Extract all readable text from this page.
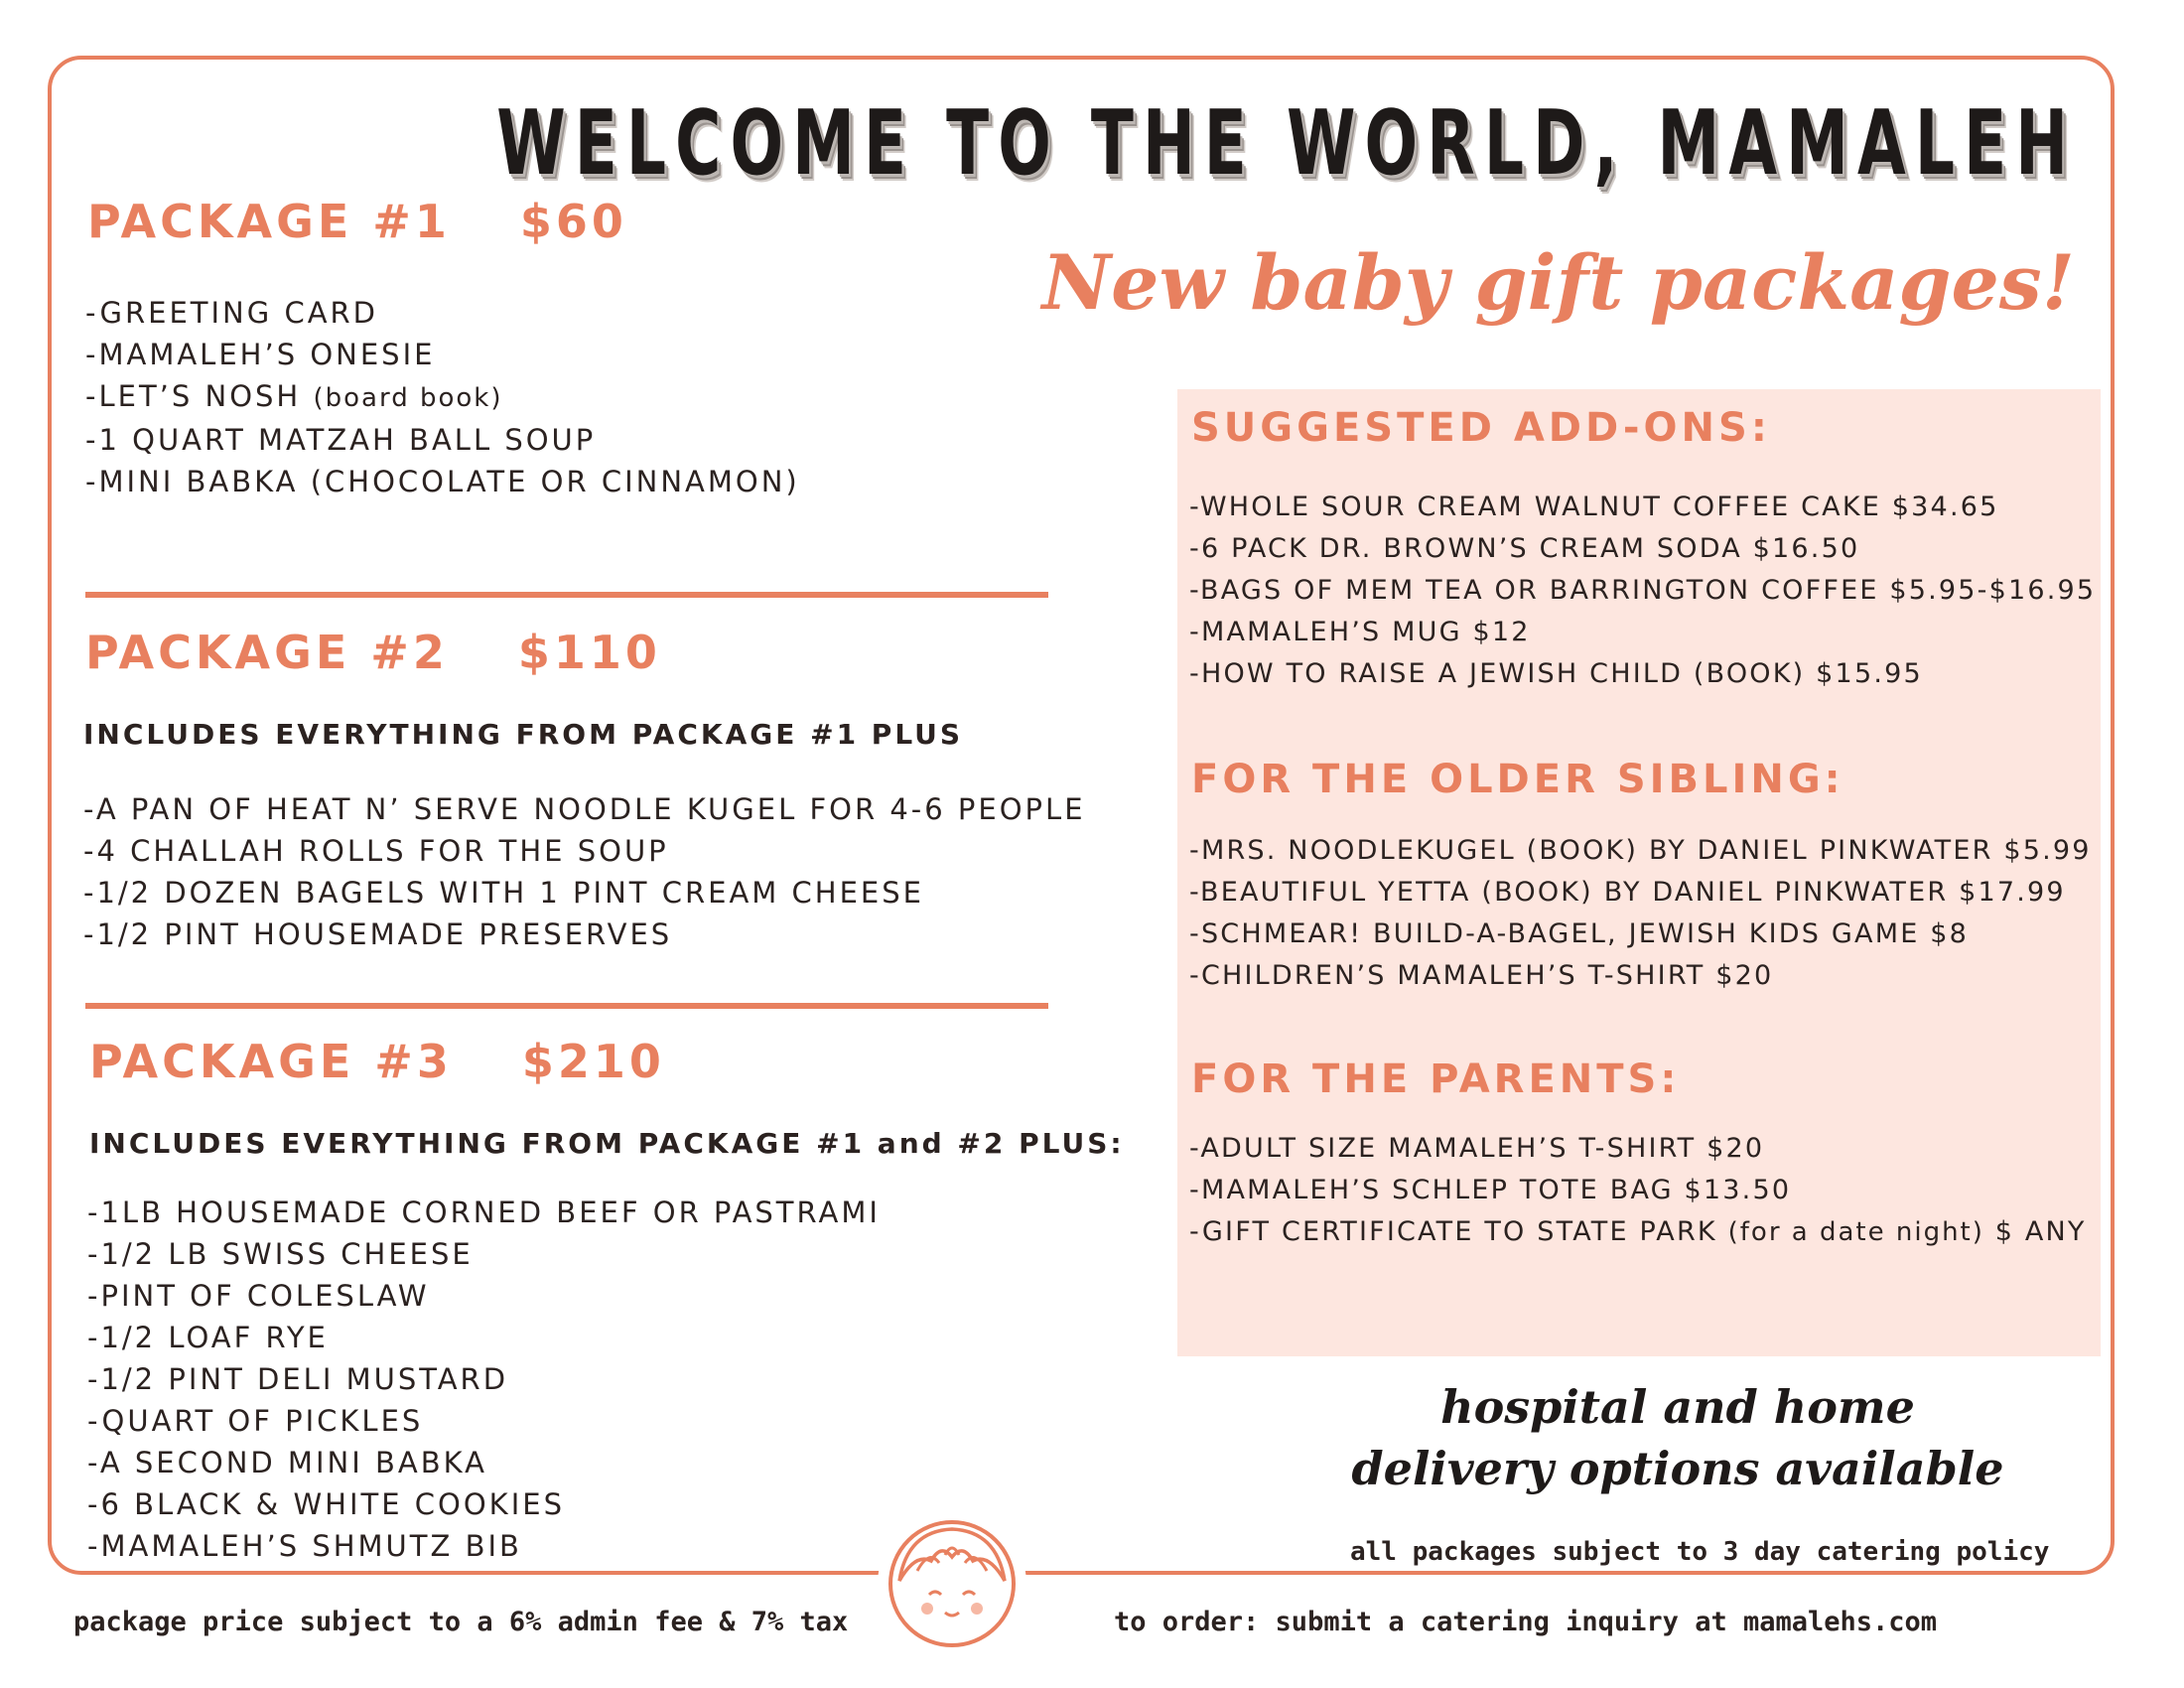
WELCOME TO THE WORLD, MAMALEH
New baby gift packages!
PACKAGE #1 $60
-GREETING CARD
-MAMALEH’S ONESIE
-LET’S NOSH (board book)
-1 QUART MATZAH BALL SOUP
-MINI BABKA (CHOCOLATE OR CINNAMON)
PACKAGE #2 $110

INCLUDES EVERYTHING FROM PACKAGE #1 PLUS

-A PAN OF HEAT N’ SERVE NOODLE KUGEL FOR 4-6 PEOPLE
-4 CHALLAH ROLLS FOR THE SOUP
-1/2 DOZEN BAGELS WITH 1 PINT CREAM CHEESE
-1/2 PINT HOUSEMADE PRESERVES
PACKAGE #3 $210

INCLUDES EVERYTHING FROM PACKAGE #1 and #2 PLUS:

-1LB HOUSEMADE CORNED BEEF OR PASTRAMI
-1/2 LB SWISS CHEESE
-PINT OF COLESLAW
-1/2 LOAF RYE
-1/2 PINT DELI MUSTARD
-QUART OF PICKLES
-A SECOND MINI BABKA
-6 BLACK & WHITE COOKIES
-MAMALEH’S SHMUTZ BIB
SUGGESTED ADD-ONS:
-WHOLE SOUR CREAM WALNUT COFFEE CAKE $34.65
-6 PACK DR. BROWN’S CREAM SODA $16.50
-BAGS OF MEM TEA OR BARRINGTON COFFEE $5.95-$16.95
-MAMALEH’S MUG $12
-HOW TO RAISE A JEWISH CHILD (BOOK) $15.95
FOR THE OLDER SIBLING:
-MRS. NOODLEKUGEL (BOOK) BY DANIEL PINKWATER $5.99
-BEAUTIFUL YETTA (BOOK) BY DANIEL PINKWATER $17.99
-SCHMEAR! BUILD-A-BAGEL, JEWISH KIDS GAME $8
-CHILDREN’S MAMALEH’S T-SHIRT $20
FOR THE PARENTS:
-ADULT SIZE MAMALEH’S T-SHIRT $20
-MAMALEH’S SCHLEP TOTE BAG $13.50
-GIFT CERTIFICATE TO STATE PARK (for a date night) $ ANY

hospital and home
delivery options available

all packages subject to 3 day catering policy

package price subject to a 6% admin fee & 7% tax	to order: submit a catering inquiry at mamalehs.com
